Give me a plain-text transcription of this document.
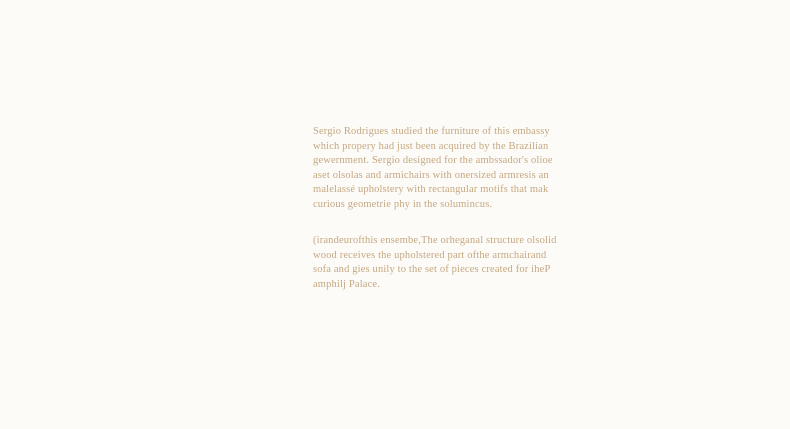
Sergio Rodrigues studied the furniture of this embassy which propery had just been acquired by the Brazilian gewernment. Sergio designed for the ambssador's olioe aset olsolas and armichairs with onersized armresis an malelassé upholstery with rectangular motifs that mak curious geometrie phy in the solumincus.

(irandeurofthis ensembe,The orheganal structure olsolid wood receives the upholstered part ofthe armchairand sofa and gies unily to the set of pieces created for iheP amphilj Palace.
